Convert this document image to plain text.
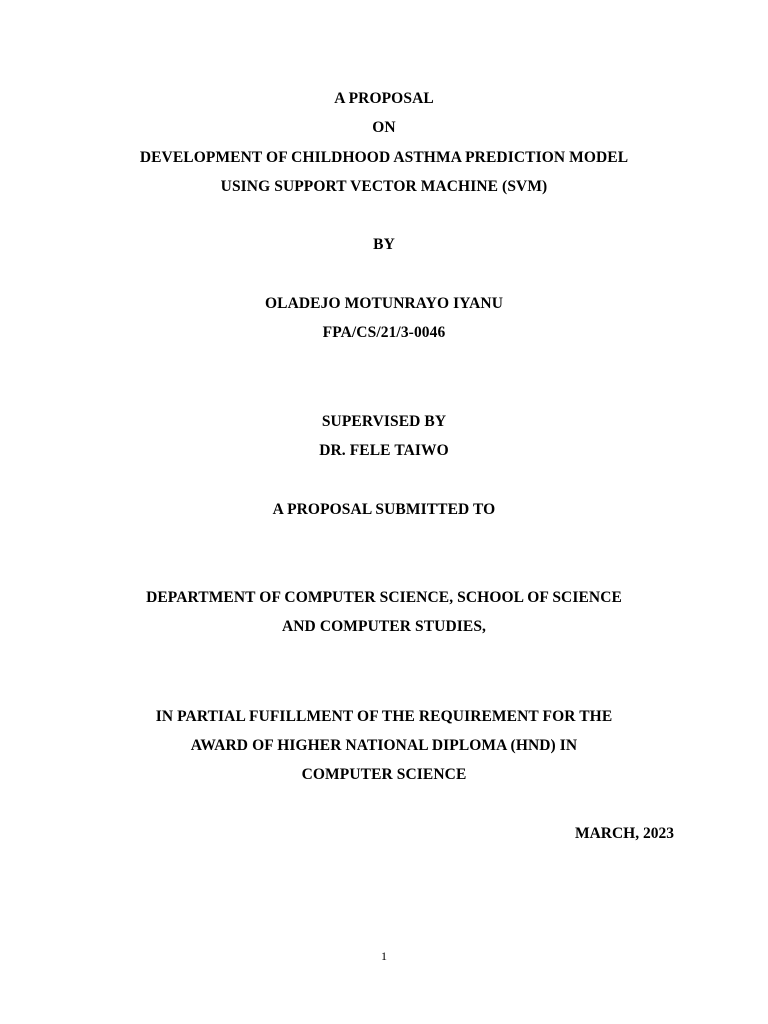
A PROPOSAL
ON
DEVELOPMENT OF CHILDHOOD ASTHMA PREDICTION MODEL
USING SUPPORT VECTOR MACHINE (SVM)
BY
OLADEJO MOTUNRAYO IYANU
FPA/CS/21/3-0046
SUPERVISED BY
DR. FELE TAIWO
A PROPOSAL SUBMITTED TO
DEPARTMENT OF COMPUTER SCIENCE, SCHOOL OF SCIENCE
AND COMPUTER STUDIES,
IN PARTIAL FUFILLMENT OF THE REQUIREMENT FOR THE
AWARD OF HIGHER NATIONAL DIPLOMA (HND) IN
COMPUTER SCIENCE
MARCH, 2023
1
